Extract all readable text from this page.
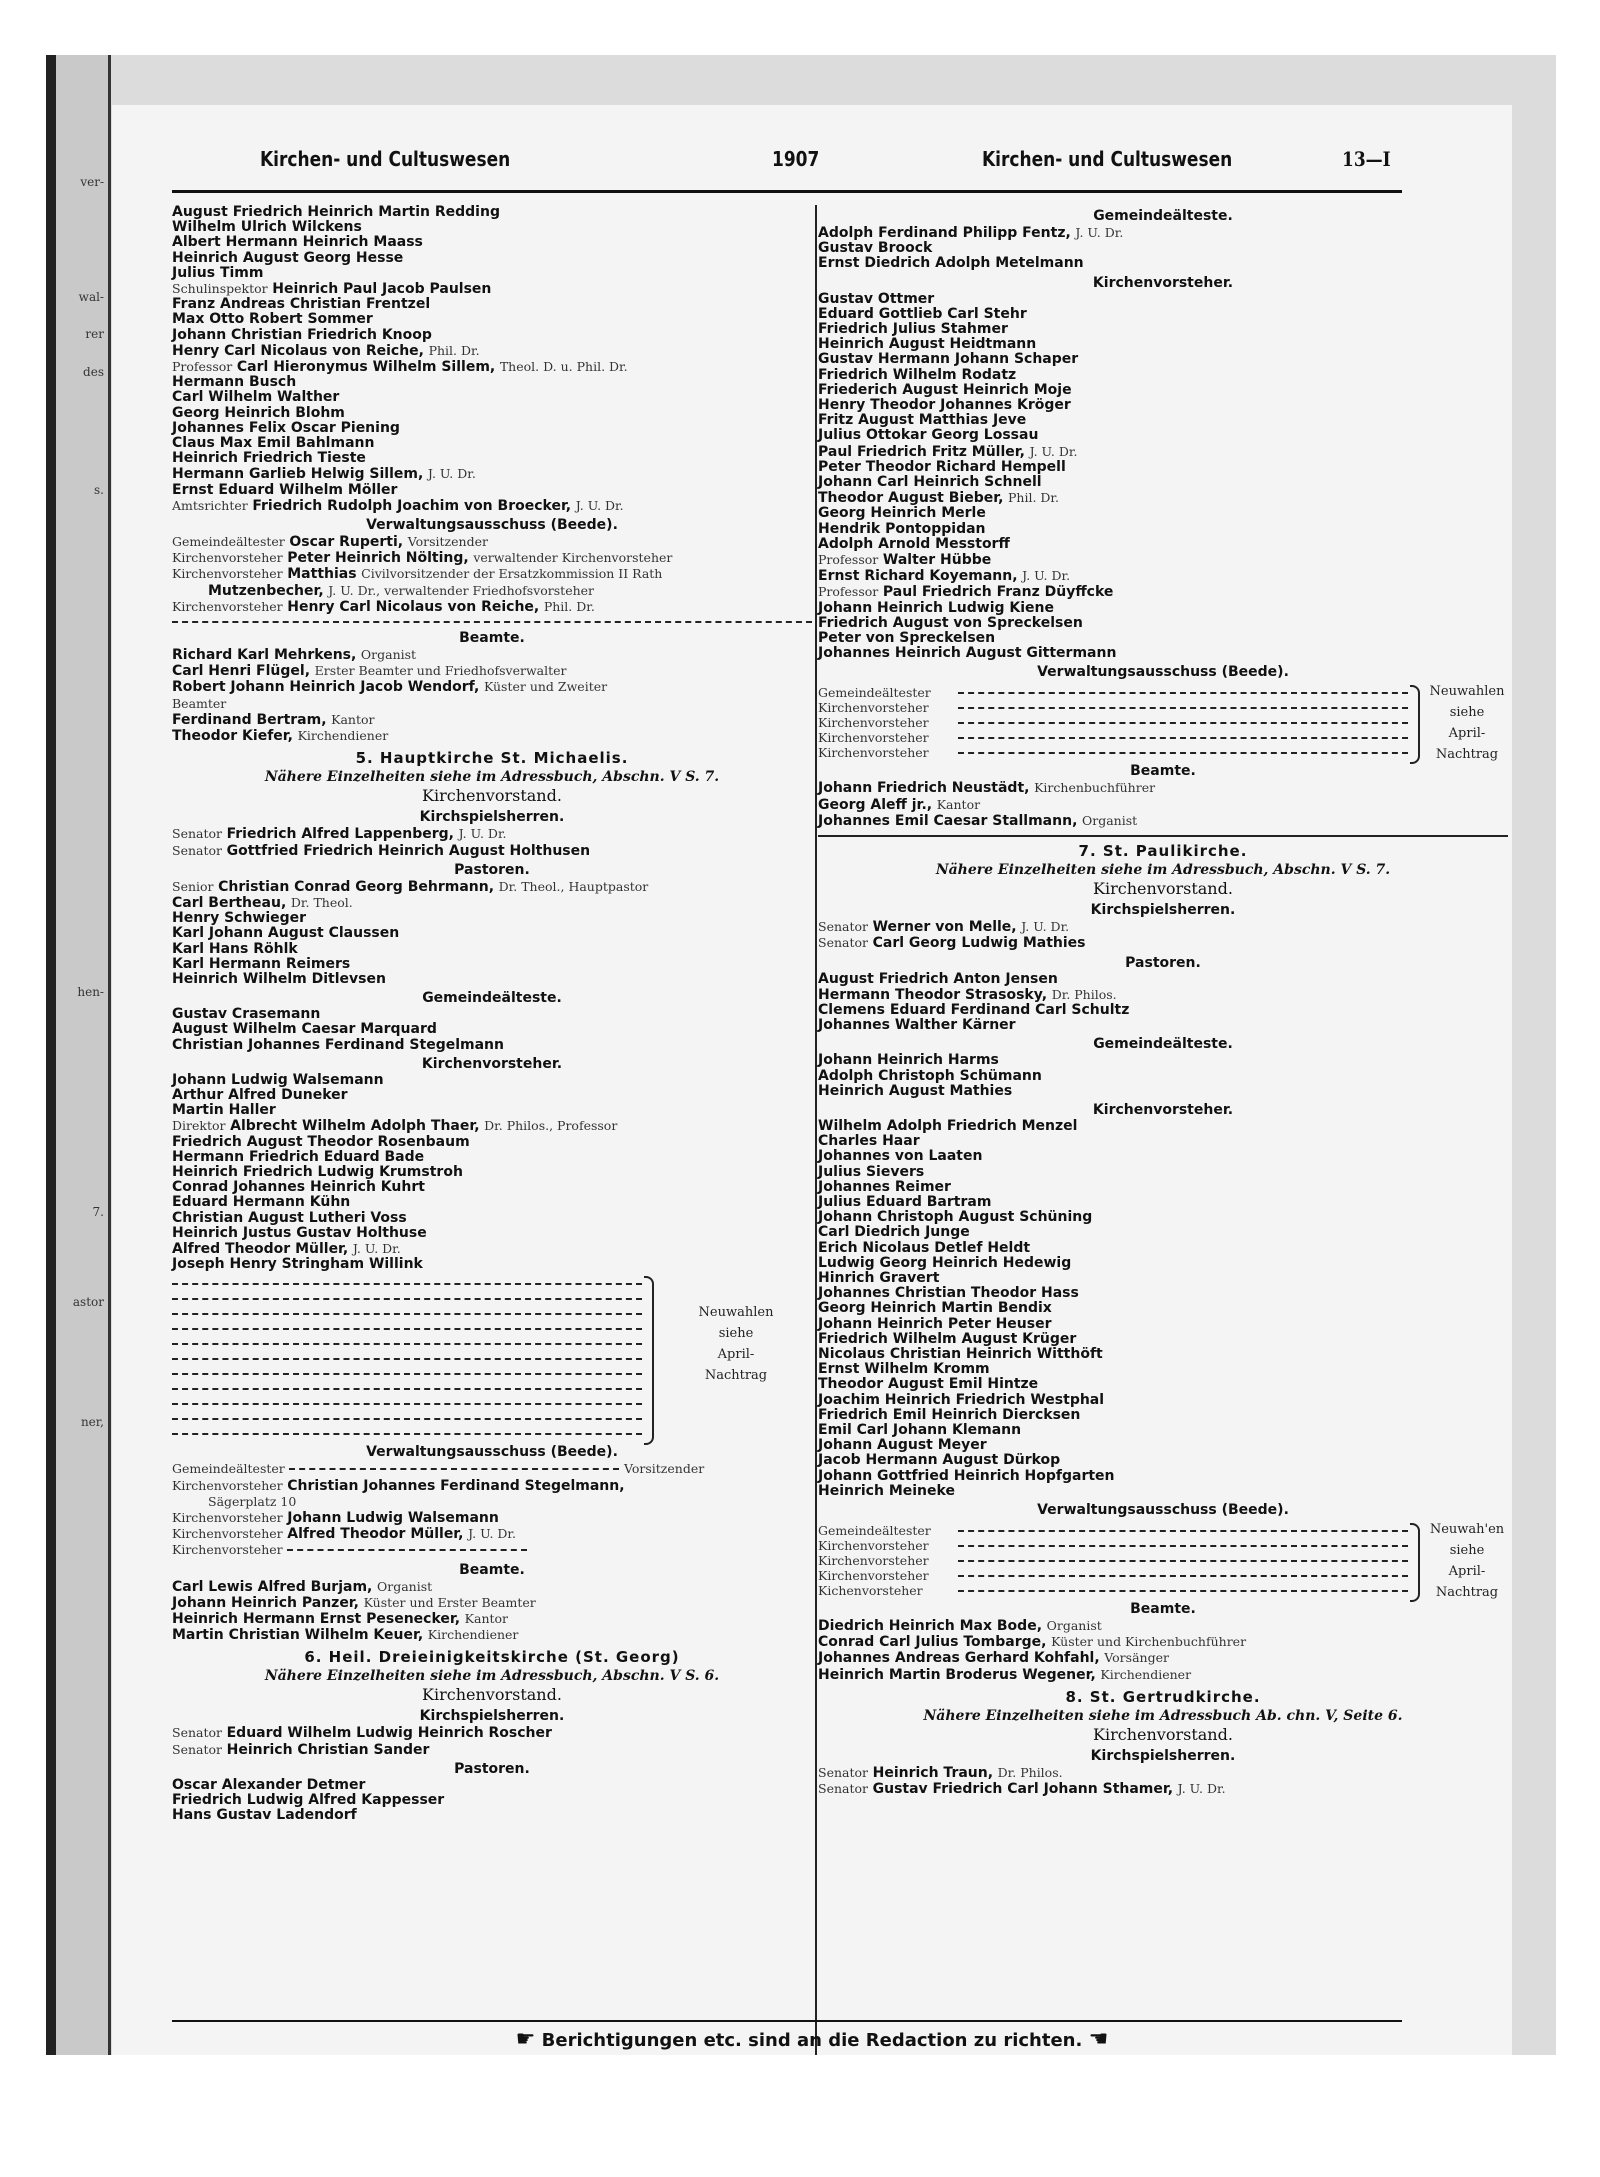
ver-
wal-
rer
des
s.
hen-
7.
astor
ner,
Kirchen- und Cultuswesen	1907	Kirchen- und Cultuswesen	13—I
August Friedrich Heinrich Martin Redding
Wilhelm Ulrich Wilckens
Albert Hermann Heinrich Maass
Heinrich August Georg Hesse
Julius Timm
Schulinspektor Heinrich Paul Jacob Paulsen
Franz Andreas Christian Frentzel
Max Otto Robert Sommer
Johann Christian Friedrich Knoop
Henry Carl Nicolaus von Reiche, Phil. Dr.
Professor Carl Hieronymus Wilhelm Sillem, Theol. D. u. Phil. Dr.
Hermann Busch
Carl Wilhelm Walther
Georg Heinrich Blohm
Johannes Felix Oscar Piening
Claus Max Emil Bahlmann
Heinrich Friedrich Tieste
Hermann Garlieb Helwig Sillem, J. U. Dr.
Ernst Eduard Wilhelm Möller
Amtsrichter Friedrich Rudolph Joachim von Broecker, J. U. Dr.
Verwaltungsausschuss (Beede).
Gemeindeältester Oscar Ruperti, Vorsitzender
Kirchenvorsteher Peter Heinrich Nölting, verwaltender Kirchenvorsteher
Kirchenvorsteher Matthias Civilvorsitzender der Ersatzkommission II Rath
Mutzenbecher, J. U. Dr., verwaltender Friedhofsvorsteher
Kirchenvorsteher Henry Carl Nicolaus von Reiche, Phil. Dr.
Beamte.
Richard Karl Mehrkens, Organist
Carl Henri Flügel, Erster Beamter und Friedhofsverwalter
Robert Johann Heinrich Jacob Wendorf, Küster und Zweiter
Beamter
Ferdinand Bertram, Kantor
Theodor Kiefer, Kirchendiener
5. Hauptkirche St. Michaelis.
Nähere Einzelheiten siehe im Adressbuch, Abschn. V S. 7.
Kirchenvorstand.
Kirchspielsherren.
Senator Friedrich Alfred Lappenberg, J. U. Dr.
Senator Gottfried Friedrich Heinrich August Holthusen
Pastoren.
Senior Christian Conrad Georg Behrmann, Dr. Theol., Hauptpastor
Carl Bertheau, Dr. Theol.
Henry Schwieger
Karl Johann August Claussen
Karl Hans Röhlk
Karl Hermann Reimers
Heinrich Wilhelm Ditlevsen
Gemeindeälteste.
Gustav Crasemann
August Wilhelm Caesar Marquard
Christian Johannes Ferdinand Stegelmann
Kirchenvorsteher.
Johann Ludwig Walsemann
Arthur Alfred Duneker
Martin Haller
Direktor Albrecht Wilhelm Adolph Thaer, Dr. Philos., Professor
Friedrich August Theodor Rosenbaum
Hermann Friedrich Eduard Bade
Heinrich Friedrich Ludwig Krumstroh
Conrad Johannes Heinrich Kuhrt
Eduard Hermann Kühn
Christian August Lutheri Voss
Heinrich Justus Gustav Holthuse
Alfred Theodor Müller, J. U. Dr.
Joseph Henry Stringham Willink
Neuwahlen
siehe
April-
Nachtrag
Verwaltungsausschuss (Beede).
Gemeindeältester	Vorsitzender
Kirchenvorsteher Christian Johannes Ferdinand Stegelmann,
Sägerplatz 10
Kirchenvorsteher Johann Ludwig Walsemann
Kirchenvorsteher Alfred Theodor Müller, J. U. Dr.
Kirchenvorsteher
Beamte.
Carl Lewis Alfred Burjam, Organist
Johann Heinrich Panzer, Küster und Erster Beamter
Heinrich Hermann Ernst Pesenecker, Kantor
Martin Christian Wilhelm Keuer, Kirchendiener
6. Heil. Dreieinigkeitskirche (St. Georg)
Nähere Einzelheiten siehe im Adressbuch, Abschn. V S. 6.
Kirchenvorstand.
Kirchspielsherren.
Senator Eduard Wilhelm Ludwig Heinrich Roscher
Senator Heinrich Christian Sander
Pastoren.
Oscar Alexander Detmer
Friedrich Ludwig Alfred Kappesser
Hans Gustav Ladendorf
Gemeindeälteste.
Adolph Ferdinand Philipp Fentz, J. U. Dr.
Gustav Broock
Ernst Diedrich Adolph Metelmann
Kirchenvorsteher.
Gustav Ottmer
Eduard Gottlieb Carl Stehr
Friedrich Julius Stahmer
Heinrich August Heidtmann
Gustav Hermann Johann Schaper
Friedrich Wilhelm Rodatz
Friederich August Heinrich Moje
Henry Theodor Johannes Kröger
Fritz August Matthias Jeve
Julius Ottokar Georg Lossau
Paul Friedrich Fritz Müller, J. U. Dr.
Peter Theodor Richard Hempell
Johann Carl Heinrich Schnell
Theodor August Bieber, Phil. Dr.
Georg Heinrich Merle
Hendrik Pontoppidan
Adolph Arnold Messtorff
Professor Walter Hübbe
Ernst Richard Koyemann, J. U. Dr.
Professor Paul Friedrich Franz Düyffcke
Johann Heinrich Ludwig Kiene
Friedrich August von Spreckelsen
Peter von Spreckelsen
Johannes Heinrich August Gittermann
Verwaltungsausschuss (Beede).
Gemeindeältester
Kirchenvorsteher
Kirchenvorsteher
Kirchenvorsteher
Kirchenvorsteher
Neuwahlen
siehe
April-
Nachtrag
Beamte.
Johann Friedrich Neustädt, Kirchenbuchführer
Georg Aleff jr., Kantor
Johannes Emil Caesar Stallmann, Organist
7. St. Paulikirche.
Nähere Einzelheiten siehe im Adressbuch, Abschn. V S. 7.
Kirchenvorstand.
Kirchspielsherren.
Senator Werner von Melle, J. U. Dr.
Senator Carl Georg Ludwig Mathies
Pastoren.
August Friedrich Anton Jensen
Hermann Theodor Strasosky, Dr. Philos.
Clemens Eduard Ferdinand Carl Schultz
Johannes Walther Kärner
Gemeindeälteste.
Johann Heinrich Harms
Adolph Christoph Schümann
Heinrich August Mathies
Kirchenvorsteher.
Wilhelm Adolph Friedrich Menzel
Charles Haar
Johannes von Laaten
Julius Sievers
Johannes Reimer
Julius Eduard Bartram
Johann Christoph August Schüning
Carl Diedrich Junge
Erich Nicolaus Detlef Heldt
Ludwig Georg Heinrich Hedewig
Hinrich Gravert
Johannes Christian Theodor Hass
Georg Heinrich Martin Bendix
Johann Heinrich Peter Heuser
Friedrich Wilhelm August Krüger
Nicolaus Christian Heinrich Witthöft
Ernst Wilhelm Kromm
Theodor August Emil Hintze
Joachim Heinrich Friedrich Westphal
Friedrich Emil Heinrich Diercksen
Emil Carl Johann Klemann
Johann August Meyer
Jacob Hermann August Dürkop
Johann Gottfried Heinrich Hopfgarten
Heinrich Meineke
Verwaltungsausschuss (Beede).
Gemeindeältester
Kirchenvorsteher
Kirchenvorsteher
Kirchenvorsteher
Kichenvorsteher
Neuwah'en
siehe
April-
Nachtrag
Beamte.
Diedrich Heinrich Max Bode, Organist
Conrad Carl Julius Tombarge, Küster und Kirchenbuchführer
Johannes Andreas Gerhard Kohfahl, Vorsänger
Heinrich Martin Broderus Wegener, Kirchendiener
8. St. Gertrudkirche.
Nähere Einzelheiten siehe im Adressbuch Ab. chn. V, Seite 6.
Kirchenvorstand.
Kirchspielsherren.
Senator Heinrich Traun, Dr. Philos.
Senator Gustav Friedrich Carl Johann Sthamer, J. U. Dr.
☛ Berichtigungen etc. sind an die Redaction zu richten. ☚
